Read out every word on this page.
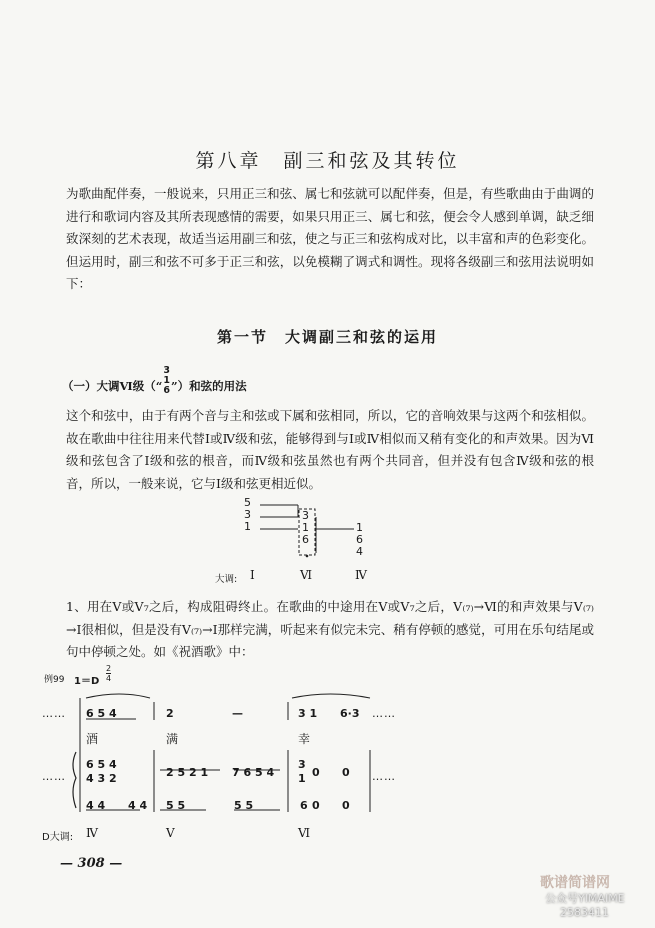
第八章　副三和弦及其转位
为歌曲配伴奏，一般说来，只用正三和弦、属七和弦就可以配伴奏，但是，有些歌曲由于曲调的进行和歌词内容及其所表现感情的需要，如果只用正三、属七和弦，便会令人感到单调，缺乏细致深刻的艺术表现，故适当运用副三和弦，使之与正三和弦构成对比，以丰富和声的色彩变化。但运用时，副三和弦不可多于正三和弦，以免模糊了调式和调性。现将各级副三和弦用法说明如下：
第一节　大调副三和弦的运用
（一）大调Ⅵ级（“
3
1
6 ”）和弦的用法
这个和弦中，由于有两个音与主和弦或下属和弦相同，所以，它的音响效果与这两个和弦相似。故在歌曲中往往用来代替Ⅰ或Ⅳ级和弦，能够得到与Ⅰ或Ⅳ相似而又稍有变化的和声效果。因为Ⅵ级和弦包含了Ⅰ级和弦的根音，而Ⅳ级和弦虽然也有两个共同音，但并没有包含Ⅳ级和弦的根音，所以，一般来说，它与Ⅰ级和弦更相近似。
5
3
1
3
1
6
1
6
4
大调: Ⅰ	Ⅵ	Ⅳ
1、用在Ⅴ或Ⅴ₇之后，构成阻碍终止。在歌曲的中途用在Ⅴ或Ⅴ₇之后，Ⅴ₍₇₎→Ⅵ的和声效果与Ⅴ₍₇₎→Ⅰ很相似，但是没有Ⅴ₍₇₎→Ⅰ那样完满，听起来有似完未完、稍有停顿的感觉，可用在乐句结尾或句中停顿之处。如《祝酒歌》中：
例99 1＝D
2
4
…… 6 5 4	2	—	3 1 6·3 ……
酒	满	幸
……
6 5 4
4 3 2	2 5 2 1 7 6 5 4
3
1 0 0 ……
4 4 4 4 5 5	5 5	6 0 0
D大调: Ⅳ	Ⅴ	Ⅵ
— 308 —
歌谱简谱网
公众号YIMAIME
2583411
